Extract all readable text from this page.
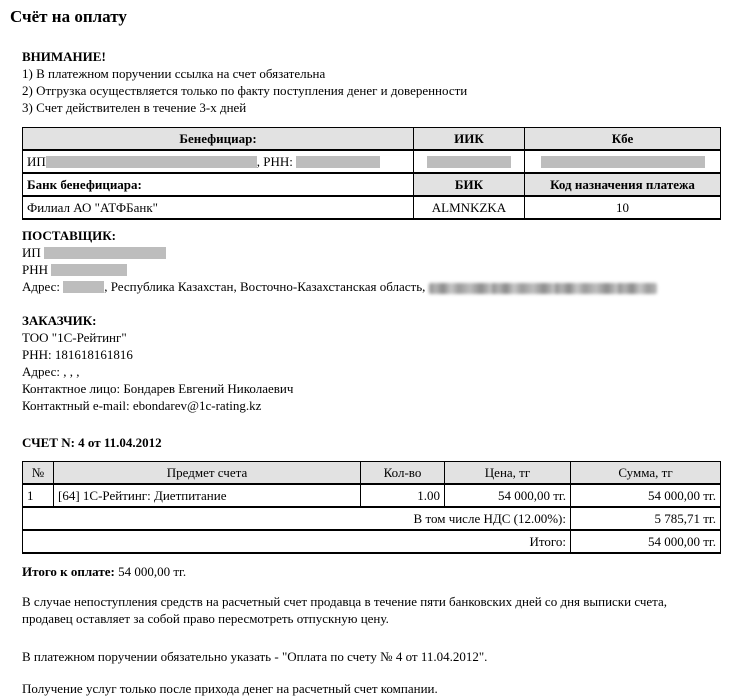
Счёт на оплату
ВНИМАНИЕ!
1) В платежном поручении ссылка на счет обязательна
2) Отгрузка осуществляется только по факту поступления денег и доверенности
3) Счет действителен в течение 3-х дней
Бенефициар:	ИИК	Кбе
ИП , РНН:		
Банк бенефициара:	БИК	Код назначения платежа
Филиал АО "АТФБанк"	ALMNKZKA	10
ПОСТАВЩИК:
ИП
РНН
Адрес:	, Республика Казахстан, Восточно-Казахстанская область,
ЗАКАЗЧИК:
ТОО "1С-Рейтинг"
РНН: 181618161816
Адрес: , , ,
Контактное лицо: Бондарев Евгений Николаевич
Контактный e-mail: ebondarev@1c-rating.kz
СЧЕТ N: 4 от 11.04.2012
№	Предмет счета	Кол-во	Цена, тг	Сумма, тг
1	[64] 1С-Рейтинг: Диетпитание	1.00	54 000,00 тг.	54 000,00 тг.
В том числе НДС (12.00%):				5 785,71 тг.
Итого:				54 000,00 тг.
Итого к оплате: 54 000,00 тг.

В случае непоступления средств на расчетный счет продавца в течение пяти банковских дней со дня выписки счета, продавец оставляет за собой право пересмотреть отпускную цену.

В платежном поручении обязательно указать - "Оплата по счету № 4 от 11.04.2012".

Получение услуг только после прихода денег на расчетный счет компании.
